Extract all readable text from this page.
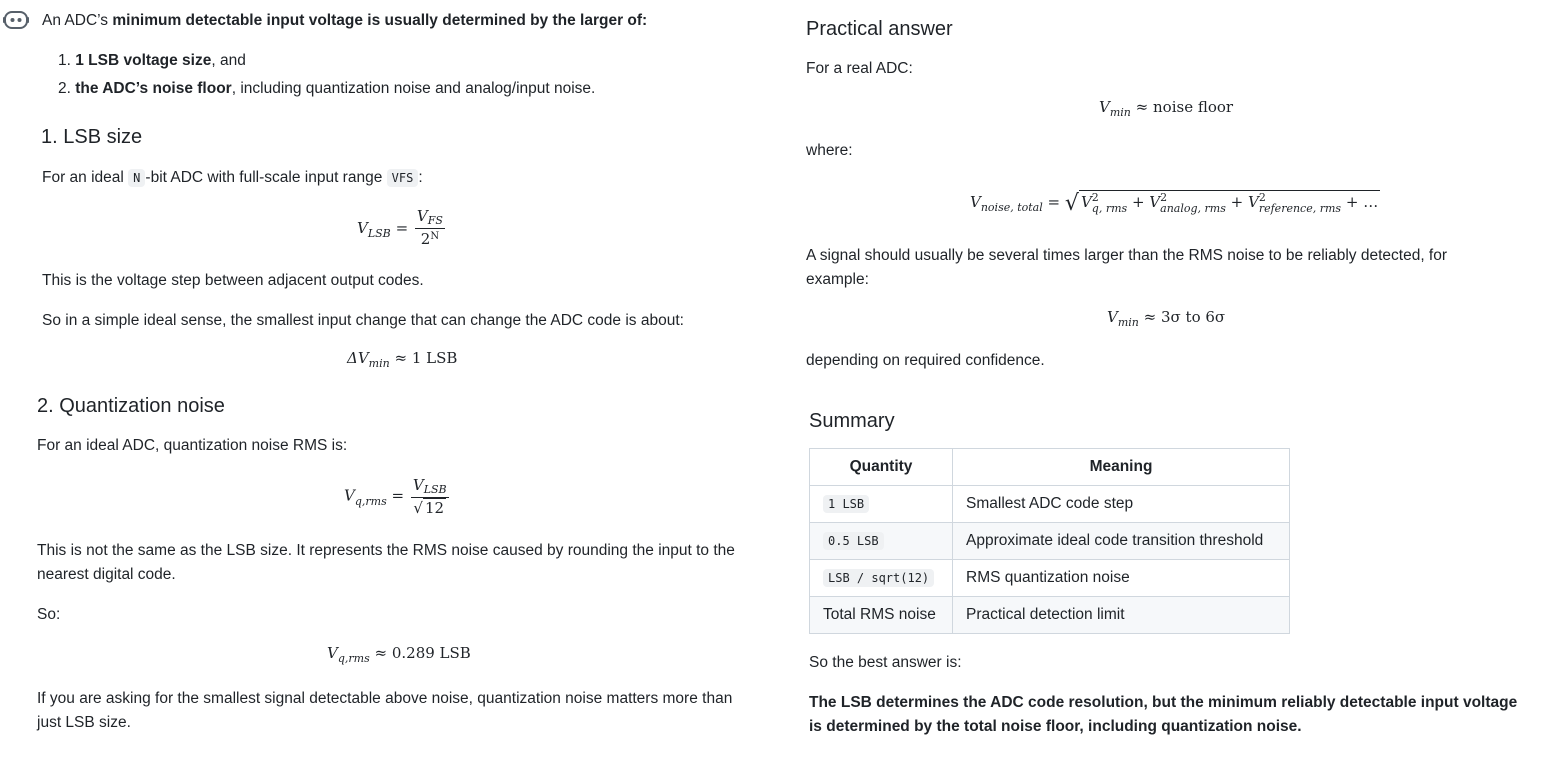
An ADC’s minimum detectable input voltage is usually determined by the larger of:
1. 1 LSB voltage size, and
2. the ADC’s noise floor, including quantization noise and analog/input noise.
1. LSB size
For an ideal N -bit ADC with full-scale input range VFS :
$V_{LSB} = \frac{V_{FS}}{2^N}$
This is the voltage step between adjacent output codes.
So in a simple ideal sense, the smallest input change that can change the ADC code is about:
$\Delta V_{min} \approx 1$ LSB
2. Quantization noise
For an ideal ADC, quantization noise RMS is:
$V_{q,rms} = \frac{V_{LSB}}{√ 12}$
This is not the same as the LSB size. It represents the RMS noise caused by rounding the input to the nearest digital code.
So:
$V_{q,rms} \approx 0.289$ LSB
If you are asking for the smallest signal detectable above noise, quantization noise matters more than just LSB size.
Practical answer
For a real ADC:
$V_{min}$ ≈ noise floor
where:
$V_{noise, total}$ = √ V 2
q, rms + V 2
analog, rms + V 2
reference, rms + …
A signal should usually be several times larger than the RMS noise to be reliably detected, for example:
$V_{min} \approx 3\sigma$ to 6σ
depending on required confidence.
Summary
Quantity	Meaning
1 LSB	Smallest ADC code step
0.5 LSB	Approximate ideal code transition threshold
LSB / sqrt(12)	RMS quantization noise
Total RMS noise	Practical detection limit
So the best answer is:
The LSB determines the ADC code resolution, but the minimum reliably detectable input voltage is determined by the total noise floor, including quantization noise.
